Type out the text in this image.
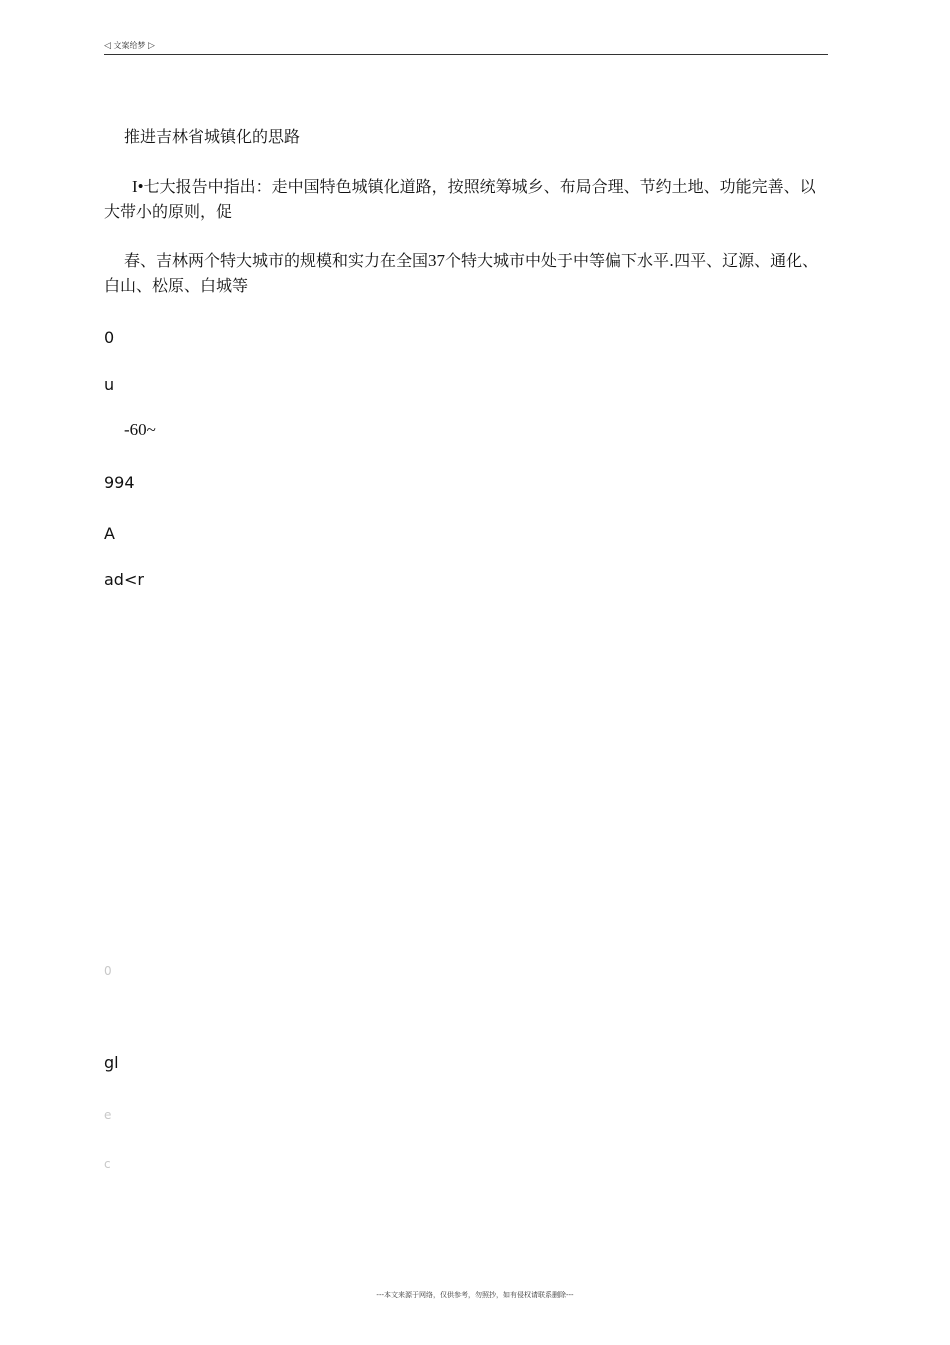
◁ 文案给梦 ▷
推进吉林省城镇化的思路
I•七大报告中指出：走中国特色城镇化道路，按照统筹城乡、布局合理、节约土地、功能完善、以大带小的原则，促
春、吉林两个特大城市的规模和实力在全国37个特大城市中处于中等偏下水平.四平、辽源、通化、白山、松原、白城等
0
u
-60~
994
A
ad<r
0
gl
e
c
---本文来源于网络，仅供参考，勿照抄，如有侵权请联系删除---
